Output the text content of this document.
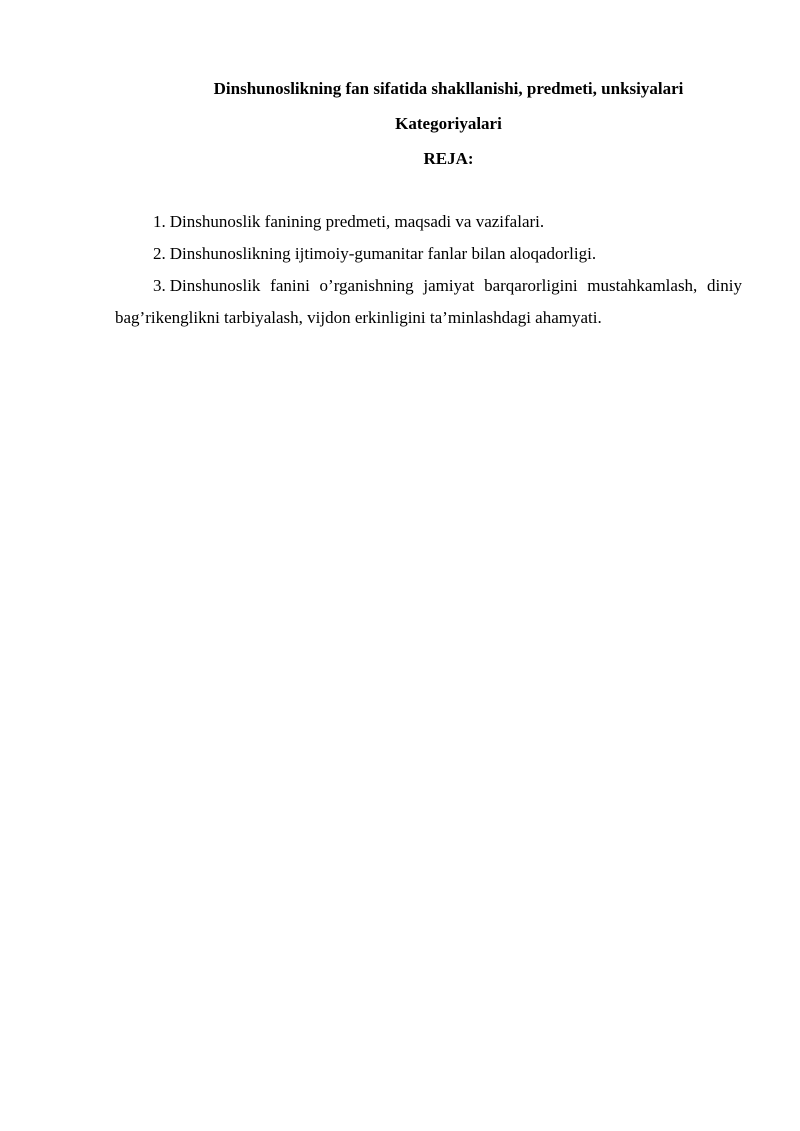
Dinshunoslikning fan sifatida shakllanishi, predmeti, unksiyalari

Kategoriyalari

REJA:

1. Dinshunoslik fanining predmeti, maqsadi va vazifalari.
2. Dinshunoslikning ijtimoiy-gumanitar fanlar bilan aloqadorligi.
3. Dinshunoslik fanini o’rganishning jamiyat barqarorligini mustahkamlash, diniy bag’rikenglikni tarbiyalash, vijdon erkinligini ta’minlashdagi ahamyati.
